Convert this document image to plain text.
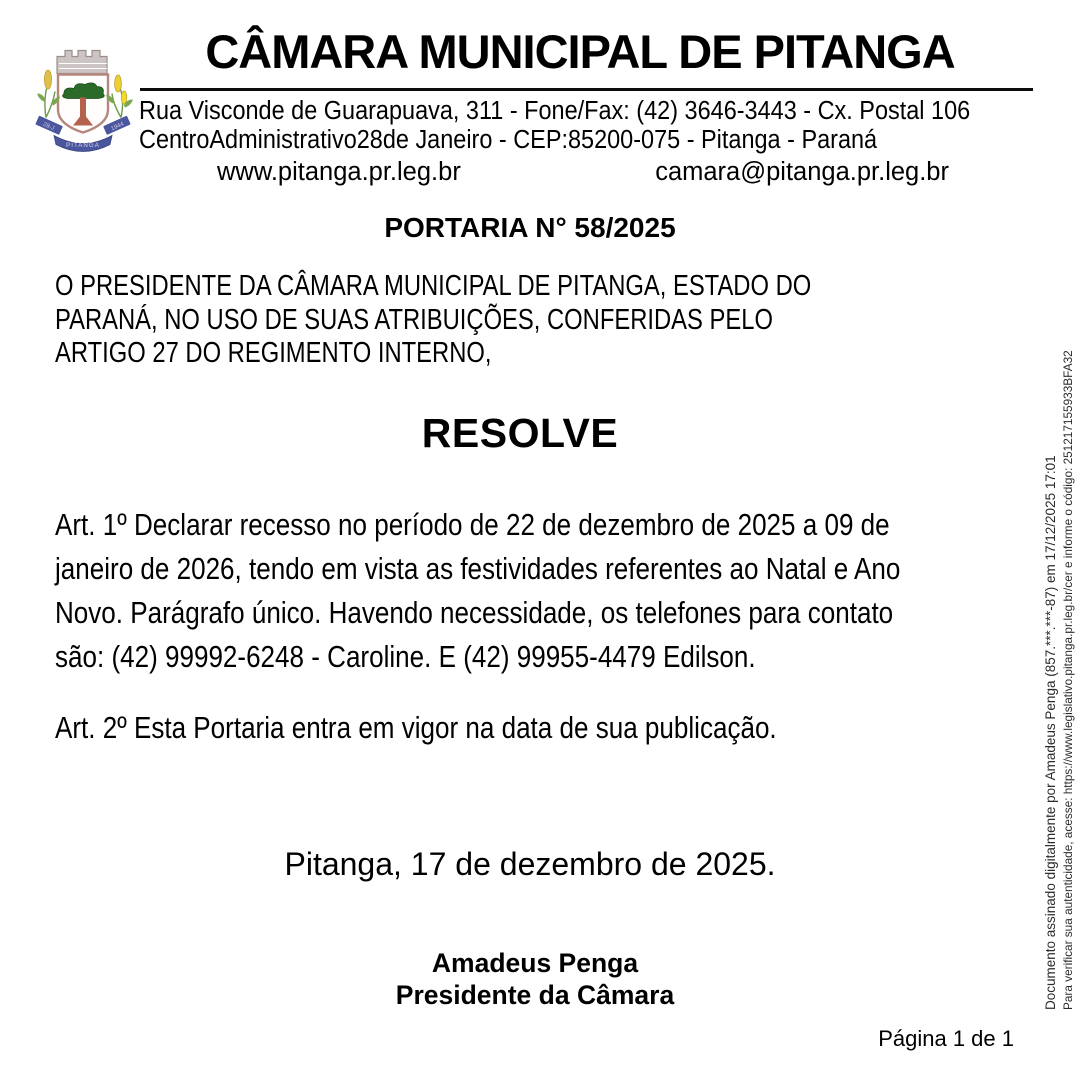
28-J	1944
PITANGA
CÂMARA MUNICIPAL DE PITANGA
Rua Visconde de Guarapuava, 311 - Fone/Fax: (42) 3646-3443 - Cx. Postal 106
CentroAdministrativo28de Janeiro - CEP:85200-075 - Pitanga - Paraná
www.pitanga.pr.leg.br	camara@pitanga.pr.leg.br
PORTARIA N° 58/2025
O PRESIDENTE DA CÂMARA MUNICIPAL DE PITANGA, ESTADO DO
PARANÁ, NO USO DE SUAS ATRIBUIÇÕES, CONFERIDAS PELO
ARTIGO 27 DO REGIMENTO INTERNO,
RESOLVE
Art. 1º Declarar recesso no período de 22 de dezembro de 2025 a 09 de
janeiro de 2026, tendo em vista as festividades referentes ao Natal e Ano
Novo. Parágrafo único. Havendo necessidade, os telefones para contato
são: (42) 99992-6248 - Caroline. E (42) 99955-4479 Edilson.
Art. 2º Esta Portaria entra em vigor na data de sua publicação.
Pitanga, 17 de dezembro de 2025.
Amadeus Penga
Presidente da Câmara
Página 1 de 1
Documento assinado digitalmente por Amadeus Penga (857.***.***-87) em 17/12/2025 17:01 Para verificar sua autenticidade, acesse: https://www.legislativo.pitanga.pr.leg.br/cer e informe o código: 251217155933BFA32
